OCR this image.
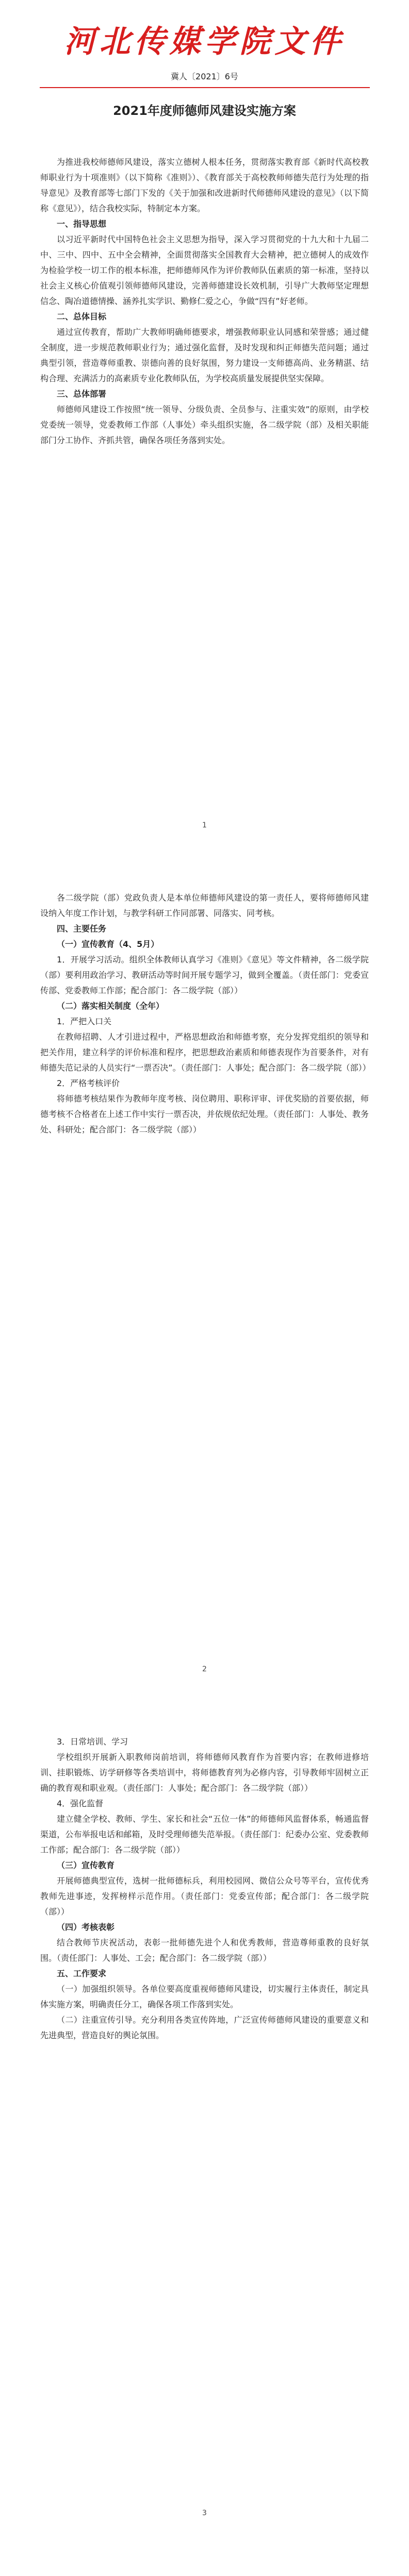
河北传媒学院文件
冀人〔2021〕6号
2021年度师德师风建设实施方案
为推进我校师德师风建设，落实立德树人根本任务，贯彻落实教育部《新时代高校教师职业行为十项准则》（以下简称《准则》）、《教育部关于高校教师师德失范行为处理的指导意见》及教育部等七部门下发的《关于加强和改进新时代师德师风建设的意见》（以下简称《意见》），结合我校实际，特制定本方案。
一、指导思想
以习近平新时代中国特色社会主义思想为指导，深入学习贯彻党的十九大和十九届二中、三中、四中、五中全会精神，全面贯彻落实全国教育大会精神，把立德树人的成效作为检验学校一切工作的根本标准，把师德师风作为评价教师队伍素质的第一标准，坚持以社会主义核心价值观引领师德师风建设，完善师德建设长效机制，引导广大教师坚定理想信念、陶冶道德情操、涵养扎实学识、勤修仁爱之心，争做“四有”好老师。
二、总体目标
通过宣传教育，帮助广大教师明确师德要求，增强教师职业认同感和荣誉感；通过健全制度，进一步规范教师职业行为；通过强化监督，及时发现和纠正师德失范问题；通过典型引领，营造尊师重教、崇德向善的良好氛围，努力建设一支师德高尚、业务精湛、结构合理、充满活力的高素质专业化教师队伍，为学校高质量发展提供坚实保障。
三、总体部署
师德师风建设工作按照“统一领导、分级负责、全员参与、注重实效”的原则，由学校党委统一领导，党委教师工作部（人事处）牵头组织实施，各二级学院（部）及相关职能部门分工协作、齐抓共管，确保各项任务落到实处。
1
各二级学院（部）党政负责人是本单位师德师风建设的第一责任人，要将师德师风建设纳入年度工作计划，与教学科研工作同部署、同落实、同考核。
四、主要任务
（一）宣传教育（4、5月）
1．开展学习活动。组织全体教师认真学习《准则》《意见》等文件精神，各二级学院（部）要利用政治学习、教研活动等时间开展专题学习，做到全覆盖。（责任部门：党委宣传部、党委教师工作部；配合部门：各二级学院（部））
（二）落实相关制度（全年）
1．严把入口关
在教师招聘、人才引进过程中，严格思想政治和师德考察，充分发挥党组织的领导和把关作用，建立科学的评价标准和程序，把思想政治素质和师德表现作为首要条件，对有师德失范记录的人员实行“一票否决”。（责任部门：人事处；配合部门：各二级学院（部））
2．严格考核评价
将师德考核结果作为教师年度考核、岗位聘用、职称评审、评优奖励的首要依据，师德考核不合格者在上述工作中实行一票否决，并依规依纪处理。（责任部门：人事处、教务处、科研处；配合部门：各二级学院（部））
2
3．日常培训、学习
学校组织开展新入职教师岗前培训，将师德师风教育作为首要内容；在教师进修培训、挂职锻炼、访学研修等各类培训中，将师德教育列为必修内容，引导教师牢固树立正确的教育观和职业观。（责任部门：人事处；配合部门：各二级学院（部））
4．强化监督
建立健全学校、教师、学生、家长和社会“五位一体”的师德师风监督体系，畅通监督渠道，公布举报电话和邮箱，及时受理师德失范举报。（责任部门：纪委办公室、党委教师工作部；配合部门：各二级学院（部））
（三）宣传教育
开展师德典型宣传，选树一批师德标兵，利用校园网、微信公众号等平台，宣传优秀教师先进事迹，发挥榜样示范作用。（责任部门：党委宣传部；配合部门：各二级学院（部））
（四）考核表彰
结合教师节庆祝活动，表彰一批师德先进个人和优秀教师，营造尊师重教的良好氛围。（责任部门：人事处、工会；配合部门：各二级学院（部））
五、工作要求
（一）加强组织领导。各单位要高度重视师德师风建设，切实履行主体责任，制定具体实施方案，明确责任分工，确保各项工作落到实处。
（二）注重宣传引导。充分利用各类宣传阵地，广泛宣传师德师风建设的重要意义和先进典型，营造良好的舆论氛围。
3
